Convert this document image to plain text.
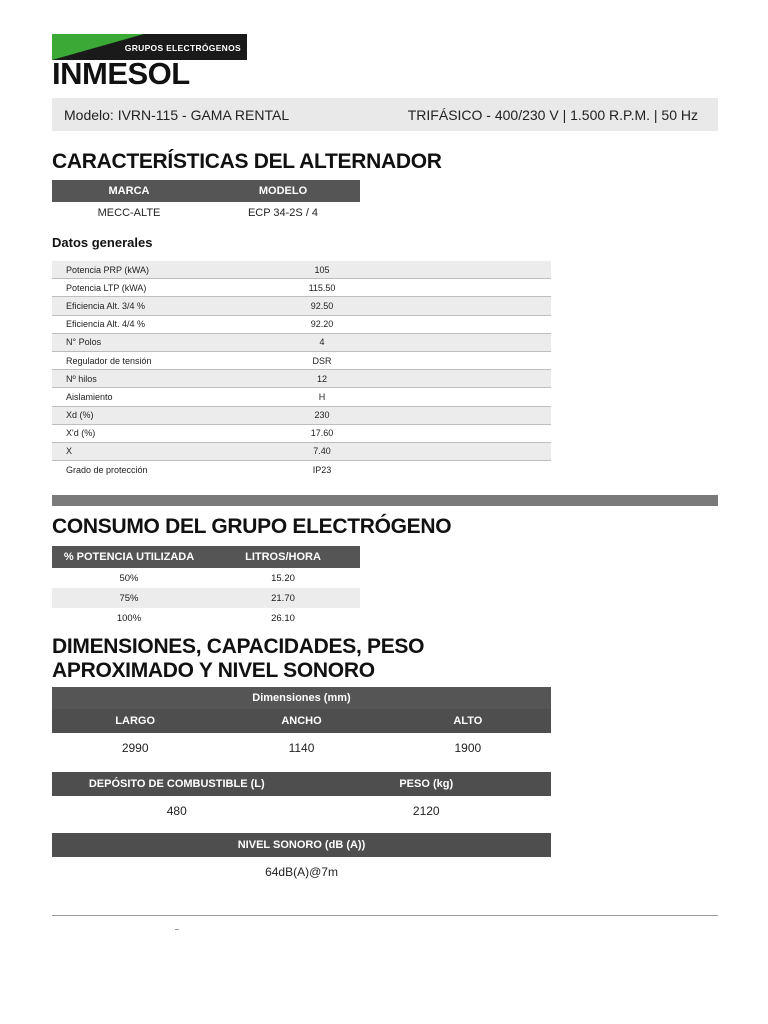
GRUPOS ELECTRÓGENOS
INMESOL
Modelo: IVRN-115 - GAMA RENTAL	TRIFÁSICO - 400/230 V | 1.500 R.P.M. | 50 Hz
CARACTERÍSTICAS DEL ALTERNADOR
MARCA	MODELO
MECC-ALTE	ECP 34-2S / 4
Datos generales
Potencia PRP (kWA)	105
Potencia LTP (kWA)	115.50
Eficiencia Alt. 3/4 %	92.50
Eficiencia Alt. 4/4 %	92.20
N° Polos	4
Regulador de tensión	DSR
Nº hilos	12
Aislamiento	H
Xd (%)	230
X'd (%)	17.60
X	7.40
Grado de protección	IP23
CONSUMO DEL GRUPO ELECTRÓGENO
% POTENCIA UTILIZADA	LITROS/HORA
50%	15.20
75%	21.70
100%	26.10
DIMENSIONES, CAPACIDADES, PESO
APROXIMADO Y NIVEL SONORO
Dimensiones (mm)
LARGO	ANCHO	ALTO
2990	1140	1900
DEPÓSITO DE COMBUSTIBLE (L)	PESO (kg)
480	2120
NIVEL SONORO (dB (A))
64dB(A)@7m
